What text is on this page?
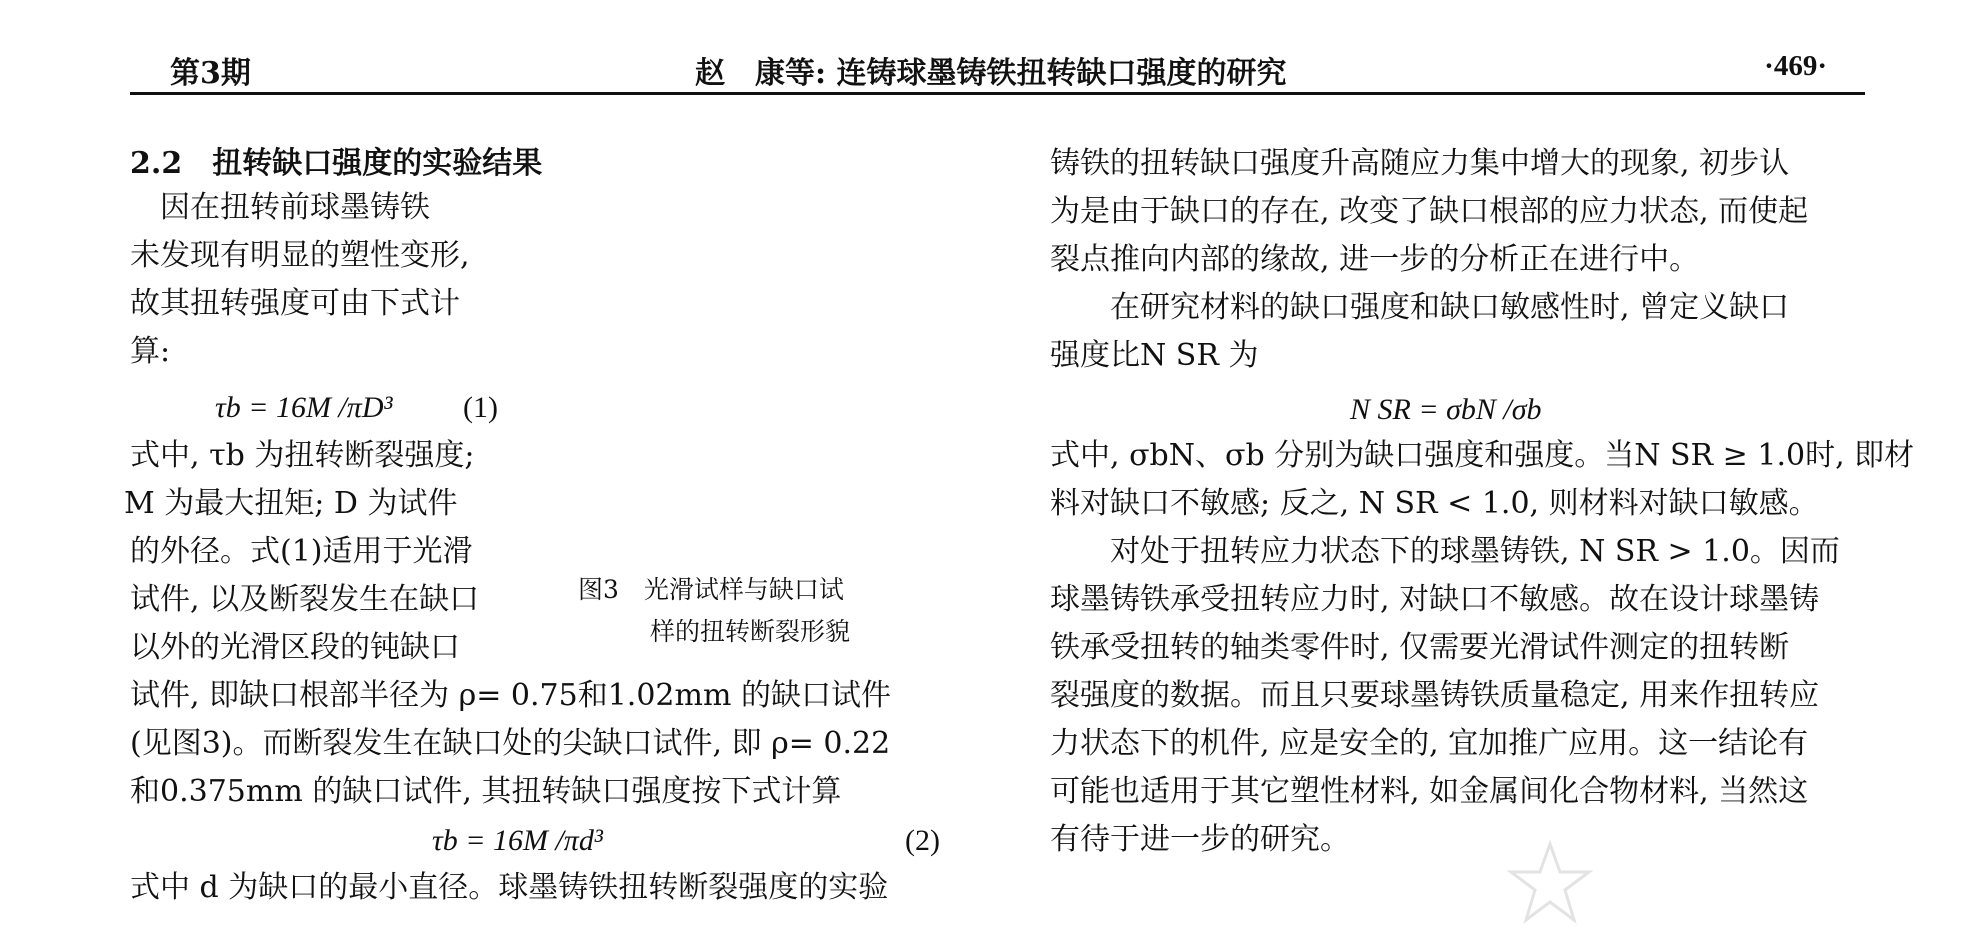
第3期	赵　康等: 连铸球墨铸铁扭转缺口强度的研究	·469·
2.2　扭转缺口强度的实验结果
　因在扭转前球墨铸铁
未发现有明显的塑性变形,
故其扭转强度可由下式计
算:
τb = 16M /πD³ (1)
式中, τb 为扭转断裂强度;
M 为最大扭矩; D 为试件
的外径。式(1)适用于光滑
试件, 以及断裂发生在缺口
以外的光滑区段的钝缺口
试件, 即缺口根部半径为 ρ= 0.75和1.02mm 的缺口试件
(见图3)。而断裂发生在缺口处的尖缺口试件, 即 ρ= 0.22
和0.375mm 的缺口试件, 其扭转缺口强度按下式计算
τb = 16M /πd³	(2)
式中 d 为缺口的最小直径。球墨铸铁扭转断裂强度的实验
图3　光滑试样与缺口试
样的扭转断裂形貌
铸铁的扭转缺口强度升高随应力集中增大的现象, 初步认
为是由于缺口的存在, 改变了缺口根部的应力状态, 而使起
裂点推向内部的缘故, 进一步的分析正在进行中。
　　在研究材料的缺口强度和缺口敏感性时, 曾定义缺口
强度比N SR 为
N SR = σbN /σb
式中, σbN、σb 分别为缺口强度和强度。当N SR ≥ 1.0时, 即材
料对缺口不敏感; 反之, N SR < 1.0, 则材料对缺口敏感。
　　对处于扭转应力状态下的球墨铸铁, N SR > 1.0。因而
球墨铸铁承受扭转应力时, 对缺口不敏感。故在设计球墨铸
铁承受扭转的轴类零件时, 仅需要光滑试件测定的扭转断
裂强度的数据。而且只要球墨铸铁质量稳定, 用来作扭转应
力状态下的机件, 应是安全的, 宜加推广应用。这一结论有
可能也适用于其它塑性材料, 如金属间化合物材料, 当然这
有待于进一步的研究。
